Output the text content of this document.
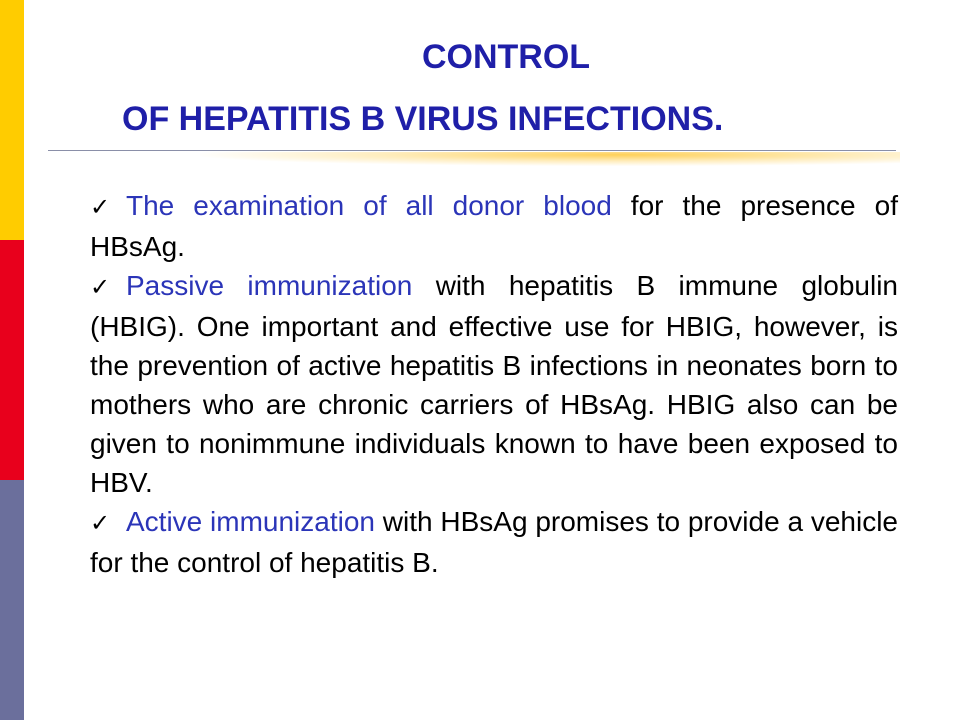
CONTROL
OF HEPATITIS B VIRUS INFECTIONS.

✓ The examination of all donor blood for the presence of HBsAg.

✓ Passive immunization with hepatitis B immune globulin (HBIG). One important and effective use for HBIG, however, is the prevention of active hepatitis B infections in neonates born to mothers who are chronic carriers of HBsAg. HBIG also can be given to nonimmune individuals known to have been exposed to HBV.

✓ Active immunization with HBsAg promises to provide a vehicle for the control of hepatitis B.
